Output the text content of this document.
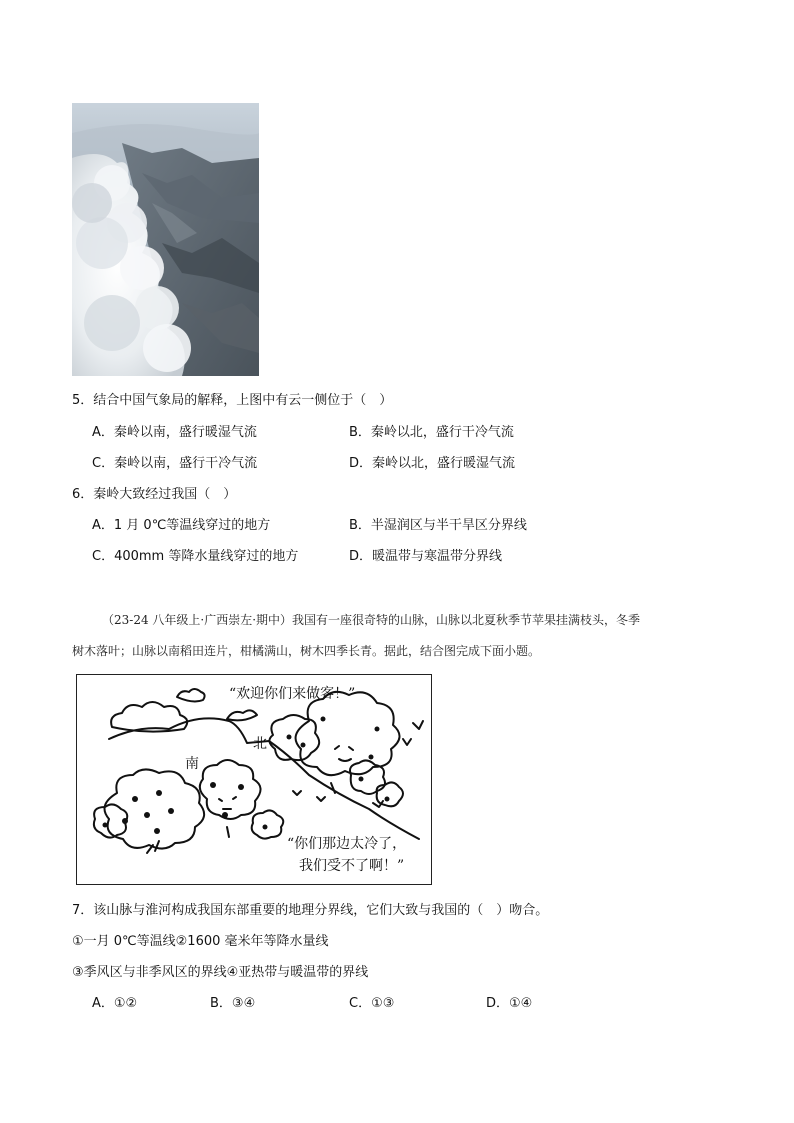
5．结合中国气象局的解释，上图中有云一侧位于（　）
A．秦岭以南，盛行暖湿气流	B．秦岭以北，盛行干冷气流
C．秦岭以南，盛行干冷气流	D．秦岭以北，盛行暖湿气流
6．秦岭大致经过我国（　）
A．1 月 0℃等温线穿过的地方	B．半湿润区与半干旱区分界线
C．400mm 等降水量线穿过的地方	D．暖温带与寒温带分界线
（23-24 八年级上·广西崇左·期中）我国有一座很奇特的山脉，山脉以北夏秋季节苹果挂满枝头，冬季
树木落叶；山脉以南稻田连片，柑橘满山，树木四季长青。据此，结合图完成下面小题。
“欢迎你们来做客！”
北
南
“你们那边太冷了，
我们受不了啊！”
7．该山脉与淮河构成我国东部重要的地理分界线，它们大致与我国的（　）吻合。
①一月 0℃等温线②1600 毫米年等降水量线
③季风区与非季风区的界线④亚热带与暖温带的界线
A．①②	B．③④	C．①③	D．①④
